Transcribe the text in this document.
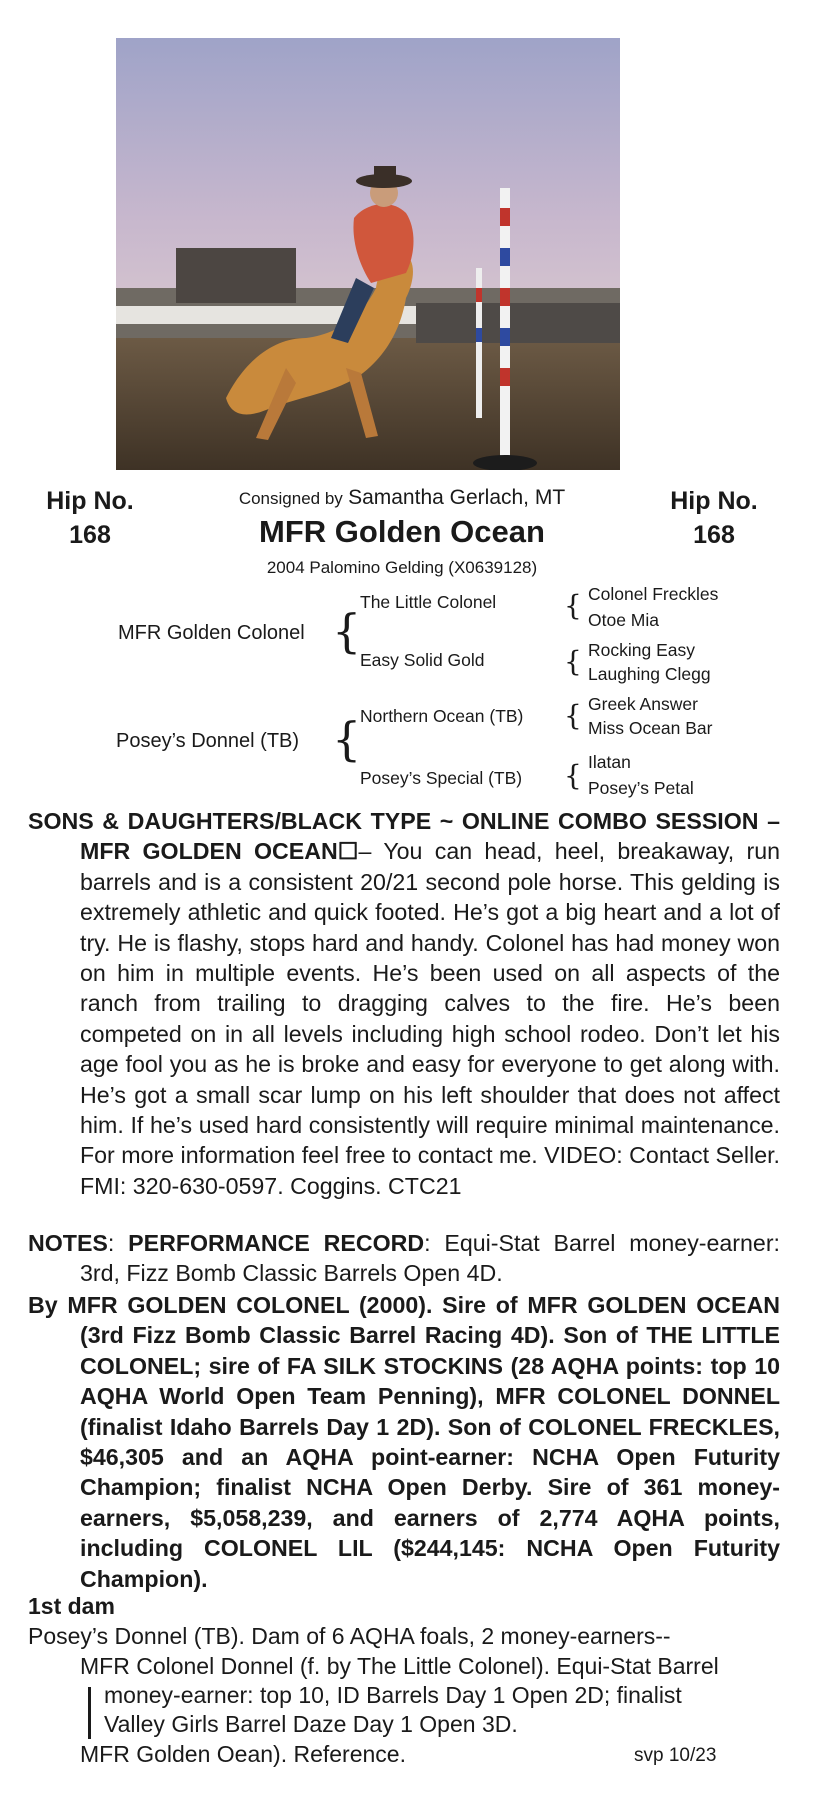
Hip No.
168
Hip No.
168
Consigned by Samantha Gerlach, MT
MFR Golden Ocean
2004 Palomino Gelding (X0639128)
MFR Golden Colonel {
The Little Colonel
Easy Solid Gold
Posey’s Donnel (TB) {
Northern Ocean (TB)
Posey’s Special (TB)
{ Colonel Freckles
Otoe Mia
{ Rocking Easy
Laughing Clegg
{ Greek Answer
Miss Ocean Bar
{ Ilatan
Posey’s Petal
SONS & DAUGHTERS/BLACK TYPE ~ ONLINE COMBO SESSION – MFR GOLDEN OCEAN☐– You can head, heel, breakaway, run barrels and is a consistent 20/21 second pole horse. This gelding is extremely athletic and quick footed. He’s got a big heart and a lot of try. He is flashy, stops hard and handy. Colonel has had money won on him in multiple events. He’s been used on all aspects of the ranch from trailing to dragging calves to the fire. He’s been competed on in all levels including high school rodeo. Don’t let his age fool you as he is broke and easy for everyone to get along with. He’s got a small scar lump on his left shoulder that does not affect him. If he’s used hard consistently will require minimal maintenance. For more information feel free to contact me. VIDEO: Contact Seller. FMI: 320-630-0597. Coggins. CTC21
NOTES: PERFORMANCE RECORD: Equi-Stat Barrel money-earner: 3rd, Fizz Bomb Classic Barrels Open 4D.
By MFR GOLDEN COLONEL (2000). Sire of MFR GOLDEN OCEAN (3rd Fizz Bomb Classic Barrel Racing 4D). Son of THE LITTLE COLONEL; sire of FA SILK STOCKINS (28 AQHA points: top 10 AQHA World Open Team Penning), MFR COLONEL DONNEL (finalist Idaho Barrels Day 1 2D). Son of COLONEL FRECKLES, $46,305 and an AQHA point-earner: NCHA Open Futurity Champion; finalist NCHA Open Derby. Sire of 361 money-earners, $5,058,239, and earners of 2,774 AQHA points, including COLONEL LIL ($244,145: NCHA Open Futurity Champion).
1st dam
Posey’s Donnel (TB). Dam of 6 AQHA foals, 2 money-earners--
MFR Colonel Donnel (f. by The Little Colonel). Equi-Stat Barrel
money-earner: top 10, ID Barrels Day 1 Open 2D; finalist
Valley Girls Barrel Daze Day 1 Open 3D.
MFR Golden Oean). Reference.	svp 10/23
